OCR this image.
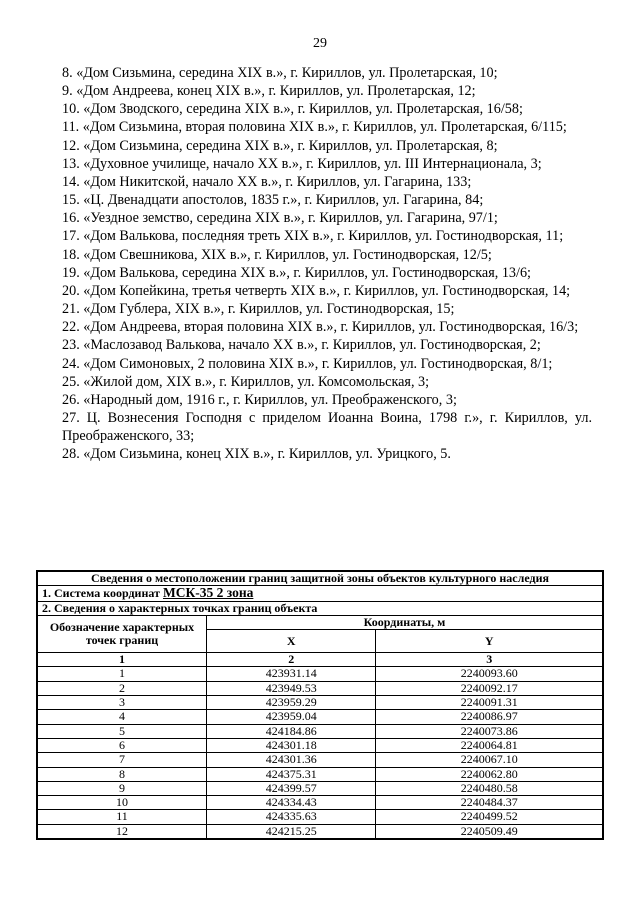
29
8. «Дом Сизьмина, середина XIX в.», г. Кириллов, ул. Пролетарская, 10;
9. «Дом Андреева, конец XIX в.», г. Кириллов, ул. Пролетарская, 12;
10. «Дом Зводского, середина XIX в.», г. Кириллов, ул. Пролетарская, 16/58;
11. «Дом Сизьмина, вторая половина XIX в.», г. Кириллов, ул. Пролетарская, 6/115;
12. «Дом Сизьмина, середина XIX в.», г. Кириллов, ул. Пролетарская, 8;
13. «Духовное училище, начало XX в.», г. Кириллов, ул. III Интернационала, 3;
14. «Дом Никитской, начало XX в.», г. Кириллов, ул. Гагарина, 133;
15. «Ц. Двенадцати апостолов, 1835 г.», г. Кириллов, ул. Гагарина, 84;
16. «Уездное земство, середина XIX в.», г. Кириллов, ул. Гагарина, 97/1;
17. «Дом Валькова, последняя треть XIX в.», г. Кириллов, ул. Гостинодворская, 11;
18. «Дом Свешникова, XIX в.», г. Кириллов, ул. Гостинодворская, 12/5;
19. «Дом Валькова, середина XIX в.», г. Кириллов, ул. Гостинодворская, 13/6;
20. «Дом Копейкина, третья четверть XIX в.», г. Кириллов, ул. Гостинодворская, 14;
21. «Дом Гублера, XIX в.», г. Кириллов, ул. Гостинодворская, 15;
22. «Дом Андреева, вторая половина XIX в.», г. Кириллов, ул. Гостинодворская, 16/3;
23. «Маслозавод Валькова, начало XX в.», г. Кириллов, ул. Гостинодворская, 2;
24. «Дом Симоновых, 2 половина XIX в.», г. Кириллов, ул. Гостинодворская, 8/1;
25. «Жилой дом, XIX в.», г. Кириллов, ул. Комсомольская, 3;
26. «Народный дом, 1916 г., г. Кириллов, ул. Преображенского, 3;
27. Ц. Вознесения Господня с приделом Иоанна Воина, 1798 г.», г. Кириллов, ул. Преображенского, 33;
28. «Дом Сизьмина, конец XIX в.», г. Кириллов, ул. Урицкого, 5.
Сведения о местоположении границ защитной зоны объектов культурного наследия		
1. Система координат МСК-35 2 зона		
2. Сведения о характерных точках границ объекта		
Обозначение характерных точек границ	Координаты, м	
	X	Y
1	2	3
1	423931.14	2240093.60
2	423949.53	2240092.17
3	423959.29	2240091.31
4	423959.04	2240086.97
5	424184.86	2240073.86
6	424301.18	2240064.81
7	424301.36	2240067.10
8	424375.31	2240062.80
9	424399.57	2240480.58
10	424334.43	2240484.37
11	424335.63	2240499.52
12	424215.25	2240509.49
